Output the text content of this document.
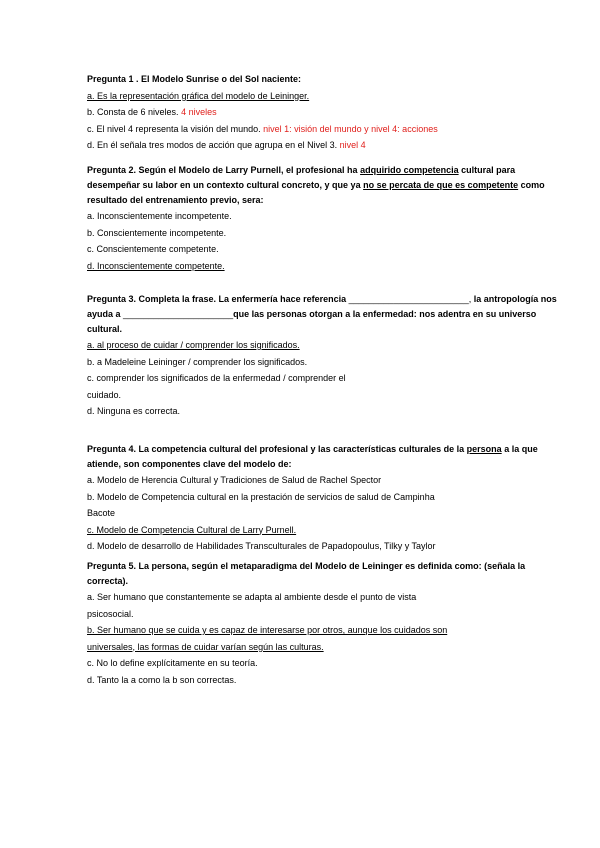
Pregunta 1 . El Modelo Sunrise o del Sol naciente:

a. Es la representación gráfica del modelo de Leininger.

b. Consta de 6 niveles. 4 niveles

c. El nivel 4 representa la visión del mundo. nivel 1: visión del mundo y nivel 4: acciones

d. En él señala tres modos de acción que agrupa en el Nivel 3. nivel 4

Pregunta 2. Según el Modelo de Larry Purnell, el profesional ha adquirido competencia cultural para desempeñar su labor en un contexto cultural concreto, y que ya no se percata de que es competente como resultado del entrenamiento previo, sera:

a. Inconscientemente incompetente.

b. Conscientemente incompetente.

c. Conscientemente competente.

d. Inconscientemente competente.

Pregunta 3. Completa la frase. La enfermería hace referencia ________________________, la antropología nos ayuda a ______________________que las personas otorgan a la enfermedad: nos adentra en su universo cultural.

a. al proceso de cuidar / comprender los significados.

b. a Madeleine Leininger / comprender los significados.

c. comprender los significados de la enfermedad / comprender el

cuidado.

d. Ninguna es correcta.

Pregunta 4. La competencia cultural del profesional y las características culturales de la persona a la que atiende, son componentes clave del modelo de:

a. Modelo de Herencia Cultural y Tradiciones de Salud de Rachel Spector

b. Modelo de Competencia cultural en la prestación de servicios de salud de Campinha

Bacote

c. Modelo de Competencia Cultural de Larry Purnell.

d. Modelo de desarrollo de Habilidades Transculturales de Papadopoulus, Tilky y Taylor

Pregunta 5. La persona, según el metaparadigma del Modelo de Leininger es definida como: (señala la correcta).

a. Ser humano que constantemente se adapta al ambiente desde el punto de vista

psicosocial.

b. Ser humano que se cuida y es capaz de interesarse por otros, aunque los cuidados son

universales, las formas de cuidar varían según las culturas.

c. No lo define explícitamente en su teoría.

d. Tanto la a como la b son correctas.
